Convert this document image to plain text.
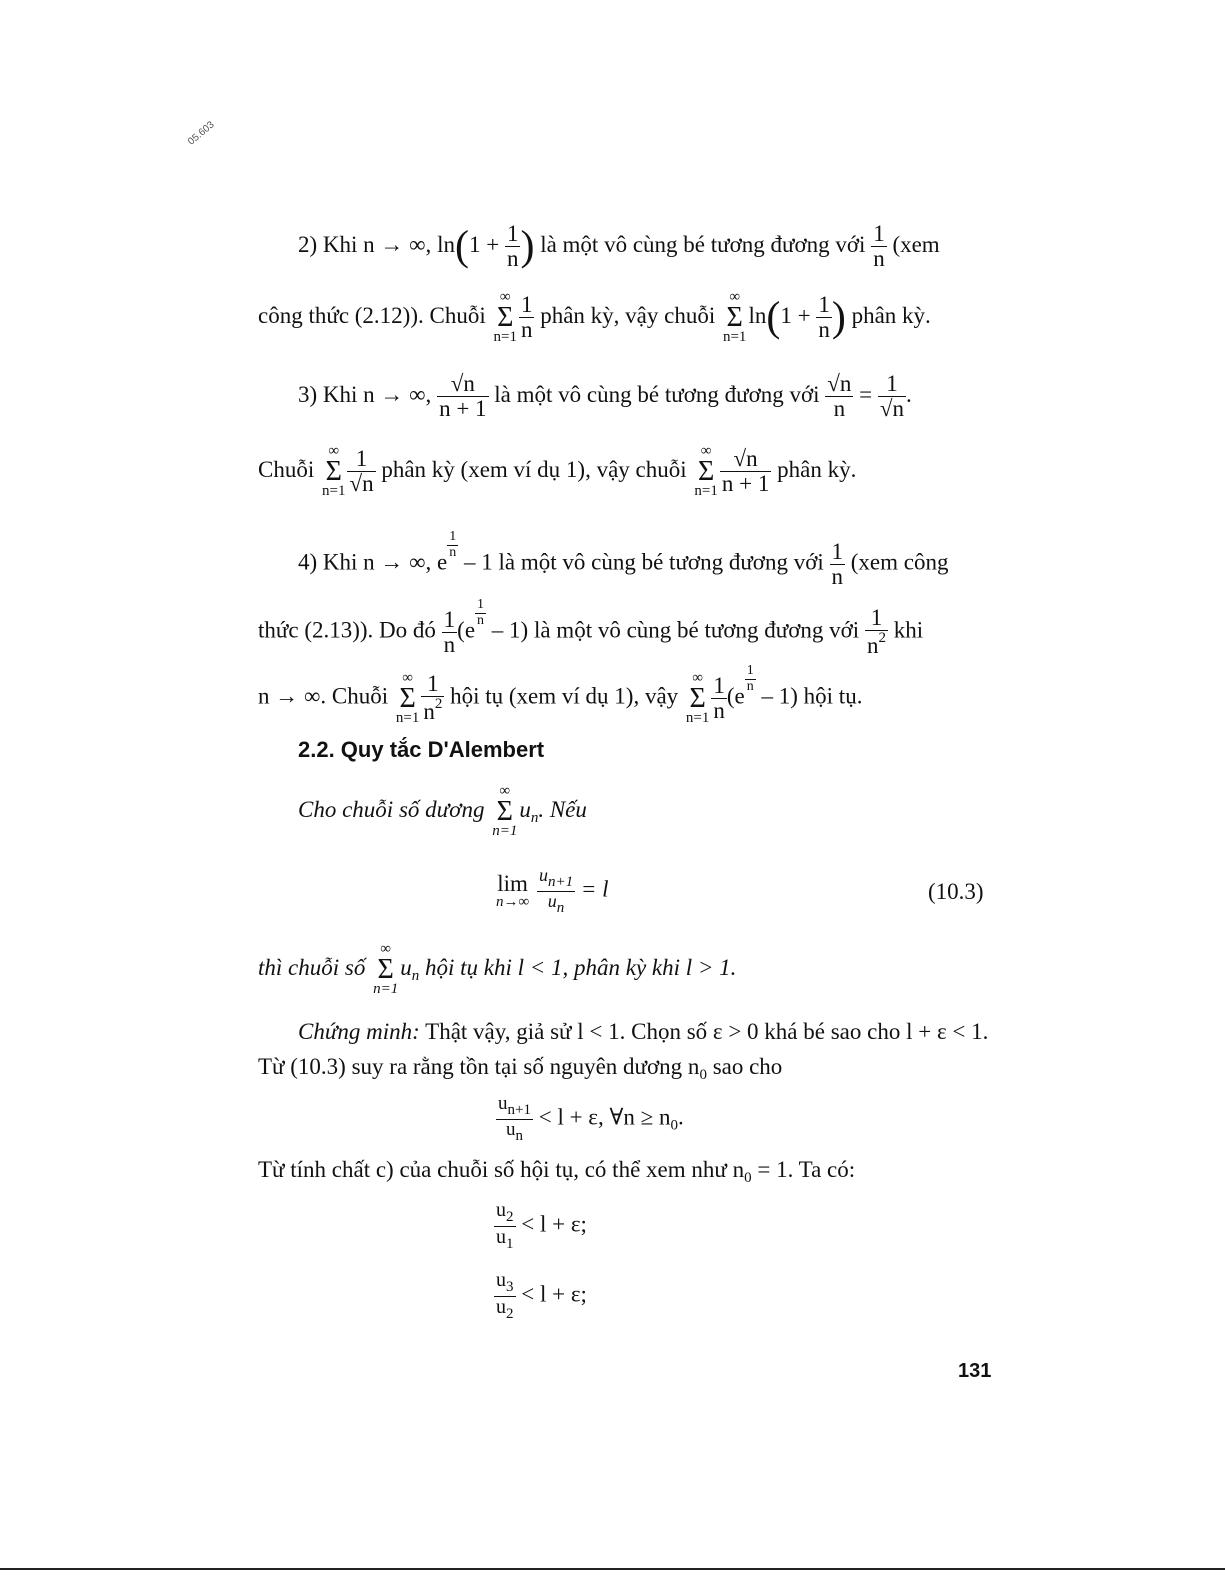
05.603
2) Khi n → ∞, $\ln(1 + \frac{1}{n}$ ) là một vô cùng bé tương đương với $\frac{1}{n} (xem$
công thức (2.12)). Chuỗi
∞
Σ
$n=1 \frac{1}{n}$ phân kỳ, vậy chuỗi
∞
Σ
n=1
$\ln(1 + \frac{1}{n}$ ) phân kỳ.
3) Khi n → ∞, $\frac{√n}{n + 1}$ là một vô cùng bé tương đương với $\frac{√n}{n} = \frac{1}{√n}$ .
Chuỗi
∞
Σ
$n=1 \frac{1}{√n}$ phân kỳ (xem ví dụ 1), vậy chuỗi
∞
Σ
$n=1 \frac{√n}{n + 1}$ phân kỳ.
4) Khi n → ∞, e
$\frac{1}{n}$
– 1 là một vô cùng bé tương đương với $\frac{1}{n} (xem$ công
thức (2.13)). Do đó $\frac{1}{n} (e$
$\frac{1}{n}$
– 1) là một vô cùng bé tương đương với $\frac{1}{n^2}$ khi
n → ∞. Chuỗi
∞
Σ
$n=1 \frac{1}{n^2}$ hội tụ (xem ví dụ 1), vậy
∞
Σ
$n=1 \frac{1}{n} (e$
$\frac{1}{n}$
– 1) hội tụ.
2.2. Quy tắc D'Alembert
Cho chuỗi số dương
∞
Σ
n=1
$u_n$. Nếu
lim
n→∞
$\frac{u_{n+1}}{u_n} = l$	(10.3)
thì chuỗi số
∞
Σ
n=1
$u_n$ hội tụ khi l < 1, phân kỳ khi l > 1.
Chứng minh: Thật vậy, giả sử l < 1. Chọn số ε > 0 khá bé sao cho l + ε < 1.
Từ (10.3) suy ra rằng tồn tại số nguyên dương $n_0$ sao cho
$\frac{u_{n+1}}{u_n} < l + \varepsilon$, ∀n ≥ $n_0$.
Từ tính chất c) của chuỗi số hội tụ, có thể xem như $n_0 = 1$. Ta có:
$\frac{u_2}{u_1} < l + \varepsilon$;
$\frac{u_3}{u_2} < l + \varepsilon$;
131
